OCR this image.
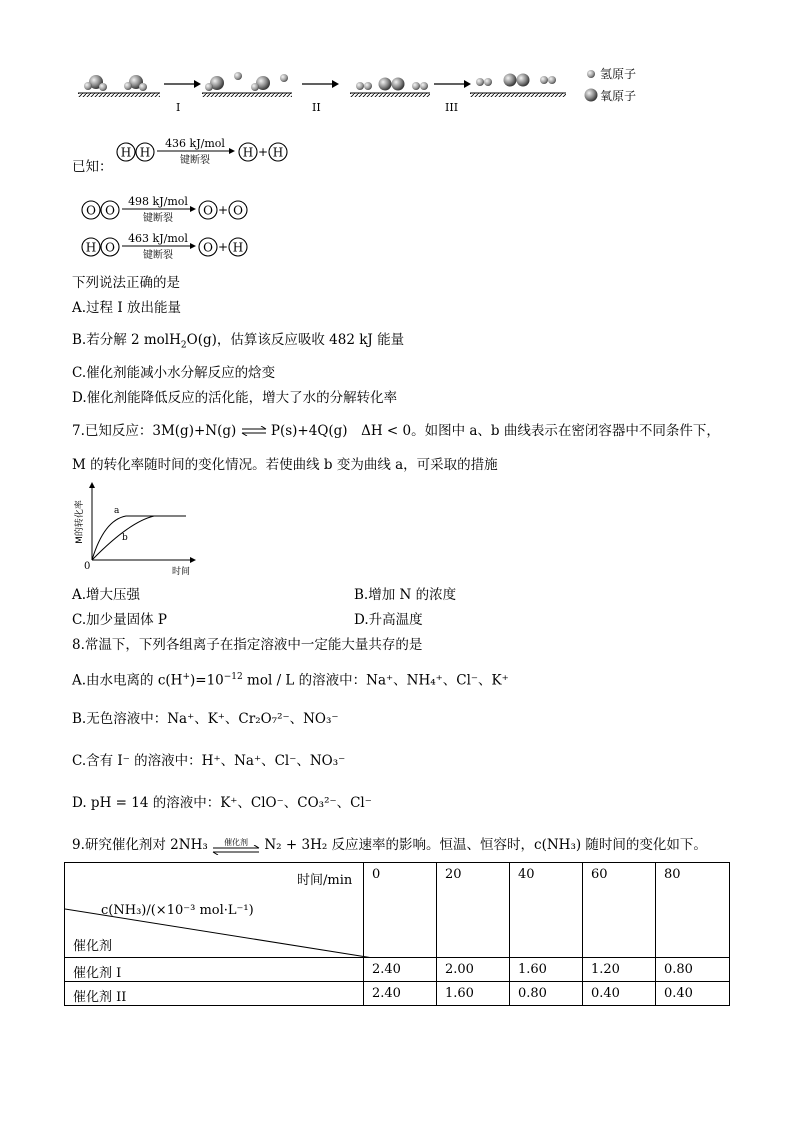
I	II	III
氢原子
氧原子
已知：
H H
436 kJ/mol
键断裂
H + H
O O
498 kJ/mol
键断裂
O + O
H O
463 kJ/mol
键断裂
O + H
下列说法正确的是
A.过程 I 放出能量
B.若分解 2 molH$_2$O(g)，估算该反应吸收 482 kJ 能量
C.催化剂能减小水分解反应的焓变
D.催化剂能降低反应的活化能，增大了水的分解转化率
7.已知反应：3M(g)+N(g) ⇌ P(s)+4Q(g)　ΔH < 0。如图中 a、b 曲线表示在密闭容器中不同条件下，
M 的转化率随时间的变化情况。若使曲线 b 变为曲线 a，可采取的措施
M的转化率
时间
0
a
b
A.增大压强	B.增加 N 的浓度
C.加少量固体 P	D.升高温度
8.常温下，下列各组离子在指定溶液中一定能大量共存的是
A.由水电离的 $c(H^+)=10^{-12}$ mol / L 的溶液中：Na⁺、NH₄⁺、Cl⁻、K⁺
B.无色溶液中：Na⁺、K⁺、Cr₂O₇²⁻、NO₃⁻
C.含有 I⁻ 的溶液中：H⁺、Na⁺、Cl⁻、NO₃⁻
D. pH = 14 的溶液中：K⁺、ClO⁻、CO₃²⁻、Cl⁻
9.研究催化剂对 2NH₃	催化剂	N₂ + 3H₂ 反应速率的影响。恒温、恒容时，c(NH₃) 随时间的变化如下。
时间/min
c(NH₃)/(×10⁻³ mol·L⁻¹)
催化剂	0	20	40	60	80
催化剂 I	2.40	2.00	1.60	1.20	0.80
催化剂 II	2.40	1.60	0.80	0.40	0.40
